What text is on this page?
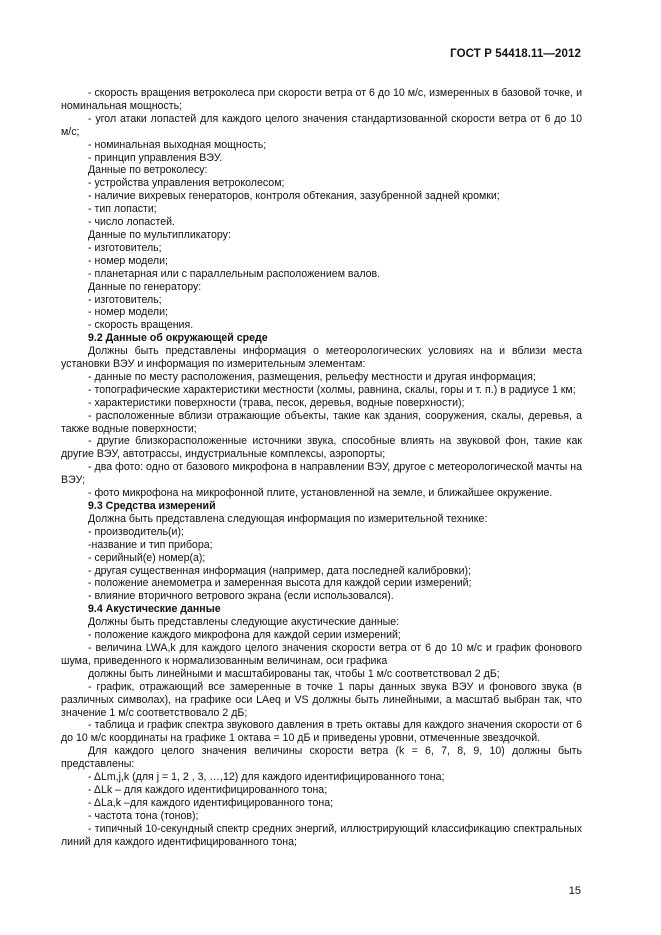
ГОСТ Р 54418.11—2012

- скорость вращения ветроколеса при скорости ветра от 6 до 10 м/с, измеренных в базовой точке, и номинальная мощность;

- угол атаки лопастей для каждого целого значения стандартизованной скорости ветра от 6 до 10 м/с;

- номинальная выходная мощность;

- принцип управления ВЭУ.

Данные по ветроколесу:

- устройства управления ветроколесом;

- наличие вихревых генераторов, контроля обтекания, зазубренной задней кромки;

- тип лопасти;

- число лопастей.

Данные по мультипликатору:

- изготовитель;

- номер модели;

- планетарная или с параллельным расположением валов.

Данные по генератору:

- изготовитель;

- номер модели;

- скорость вращения.

9.2 Данные об окружающей среде

Должны быть представлены информация о метеорологических условиях на и вблизи места установки ВЭУ и информация по измерительным элементам:

- данные по месту расположения, размещения, рельефу местности и другая информация;

- топографические характеристики местности (холмы, равнина, скалы, горы и т. п.) в радиусе 1 км;

- характеристики поверхности (трава, песок, деревья, водные поверхности);

- расположенные вблизи отражающие объекты, такие как здания, сооружения, скалы, деревья, а также водные поверхности;

- другие близкорасположенные источники звука, способные влиять на звуковой фон, такие как другие ВЭУ, автотрассы, индустриальные комплексы, аэропорты;

- два фото: одно от базового микрофона в направлении ВЭУ, другое с метеорологической мачты на ВЭУ;

- фото микрофона на микрофонной плите, установленной на земле, и ближайшее окружение.

9.3 Средства измерений

Должна быть представлена следующая информация по измерительной технике:

- производитель(и);

-название и тип прибора;

- серийный(е) номер(а);

- другая существенная информация (например, дата последней калибровки);

- положение анемометра и замеренная высота для каждой серии измерений;

- влияние вторичного ветрового экрана (если использовался).

9.4 Акустические данные

Должны быть представлены следующие акустические данные:

- положение каждого микрофона для каждой серии измерений;

- величина LWA,k для каждого целого значения скорости ветра от 6 до 10 м/с и график фонового шума, приведенного к нормализованным величинам, оси графика

должны быть линейными и масштабированы так, чтобы 1 м/с соответствовал 2 дБ;

- график, отражающий все замеренные в точке 1 пары данных звука ВЭУ и фонового звука (в различных символах), на графике оси LAeq и VS должны быть линейными, а масштаб выбран так, что значение 1 м/с соответствовало 2 дБ;

- таблица и график спектра звукового давления в треть октавы для каждого значения скорости от 6 до 10 м/с координаты на графике 1 октава = 10 дБ и приведены уровни, отмеченные звездочкой.

Для каждого целого значения величины скорости ветра (k = 6, 7, 8, 9, 10) должны быть представлены:

- ΔLm,j,k (для j = 1, 2 , 3, …,12) для каждого идентифицированного тона;

- ΔLk – для каждого идентифицированного тона;

- ΔLa,k –для каждого идентифицированного тона;

- частота тона (тонов);

- типичный 10-секундный спектр средних энергий, иллюстрирующий классификацию спектральных линий для каждого идентифицированного тона;

15
